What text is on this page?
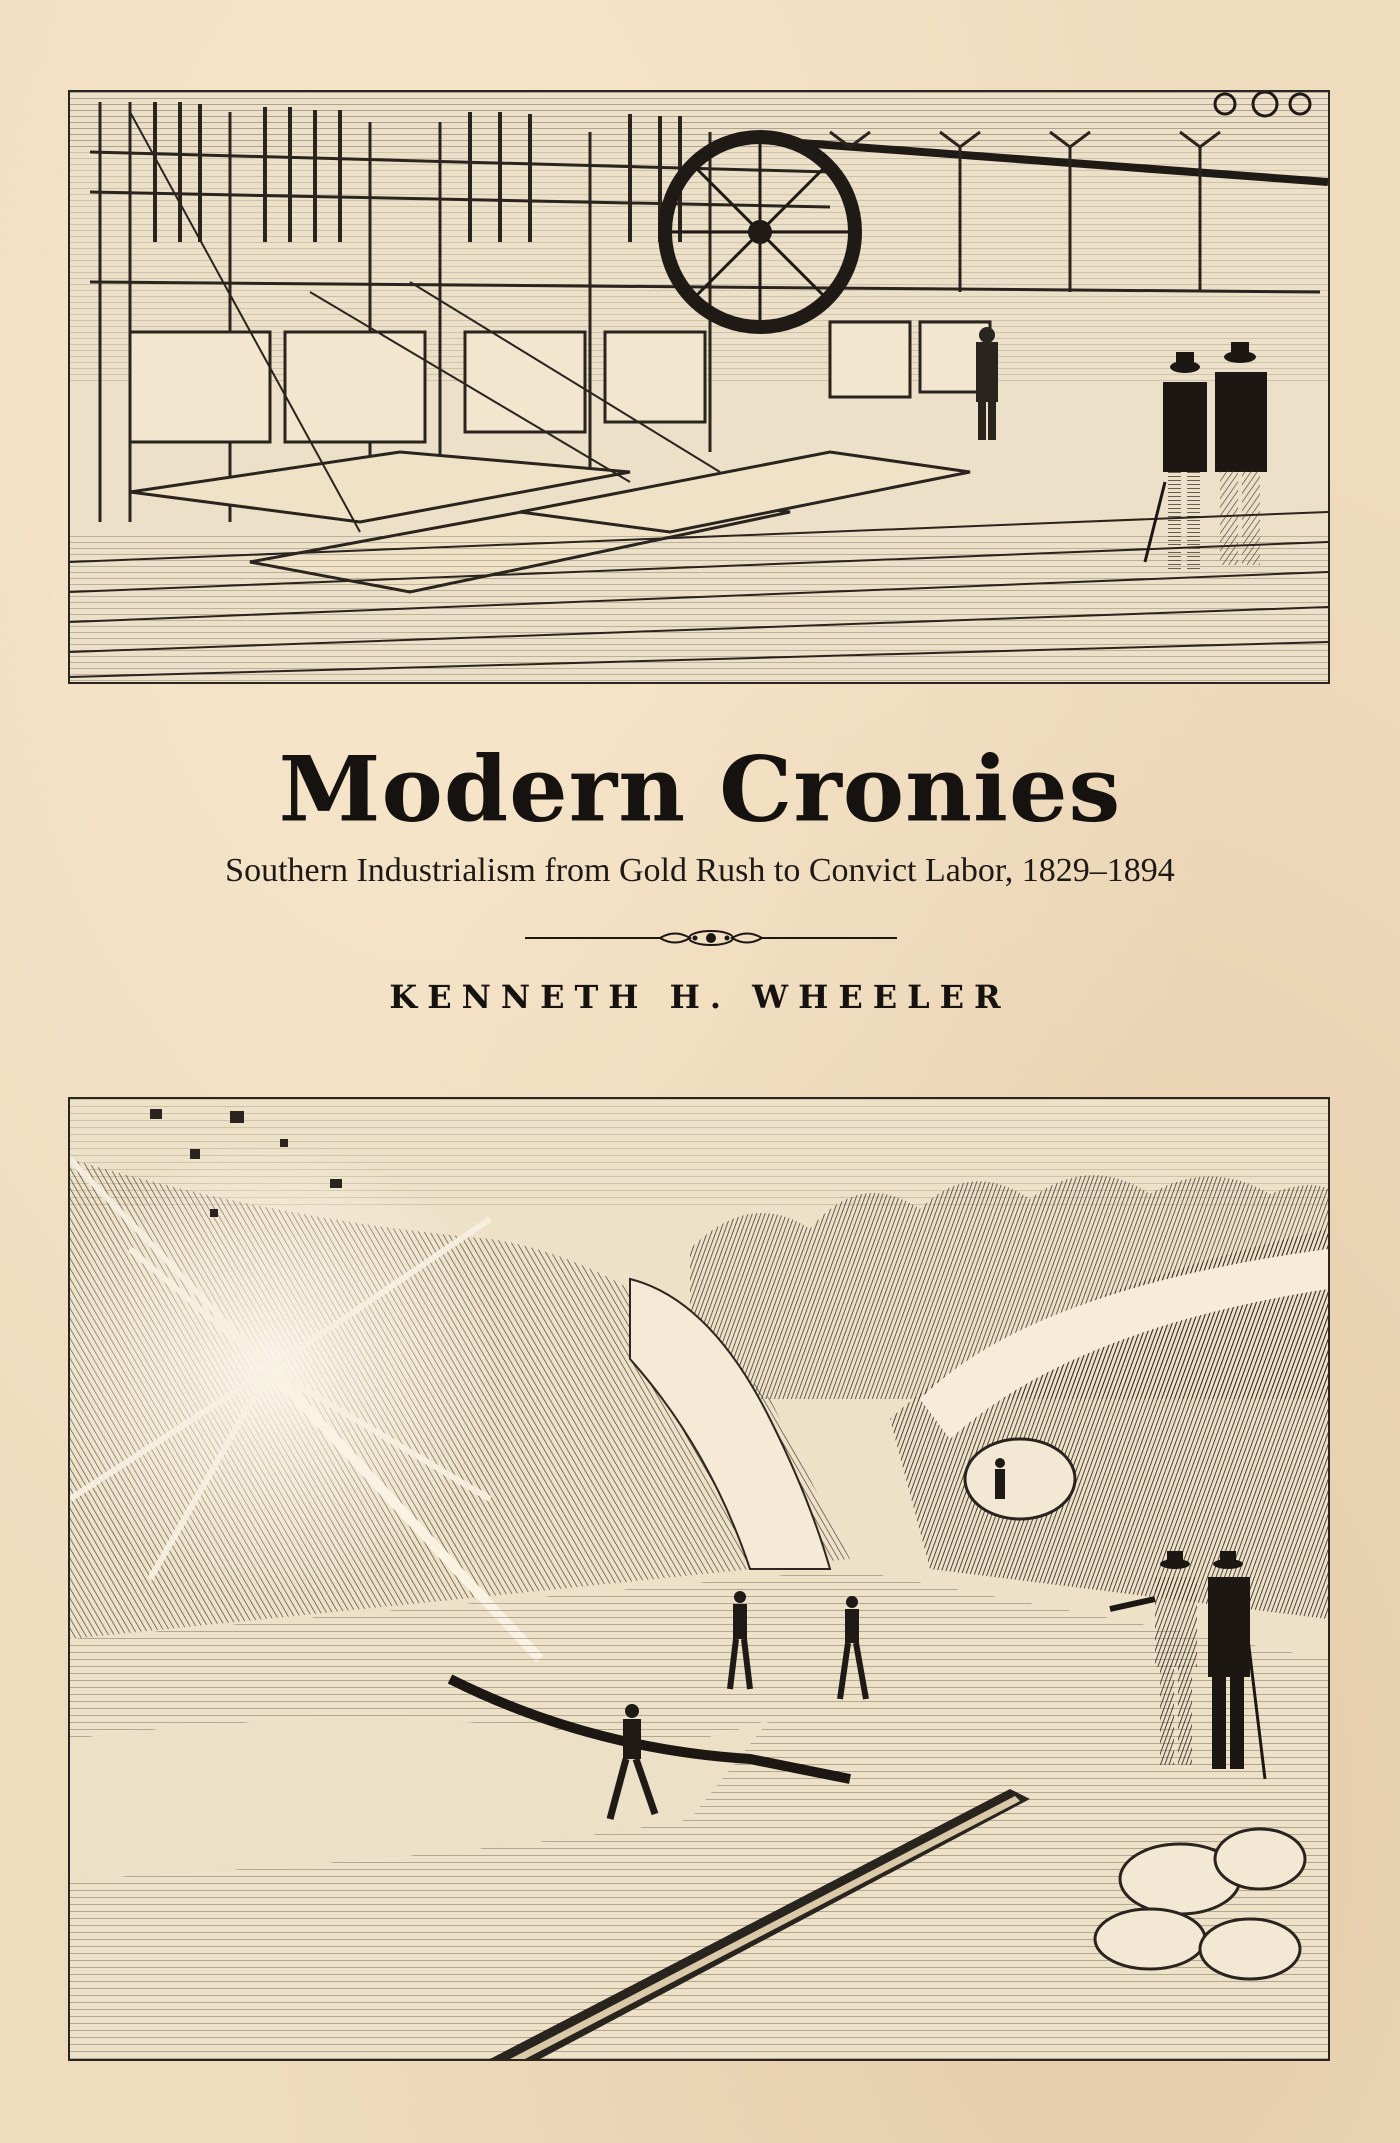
Modern Cronies
Southern Industrialism from Gold Rush to Convict Labor, 1829–1894
KENNETH H. WHEELER
